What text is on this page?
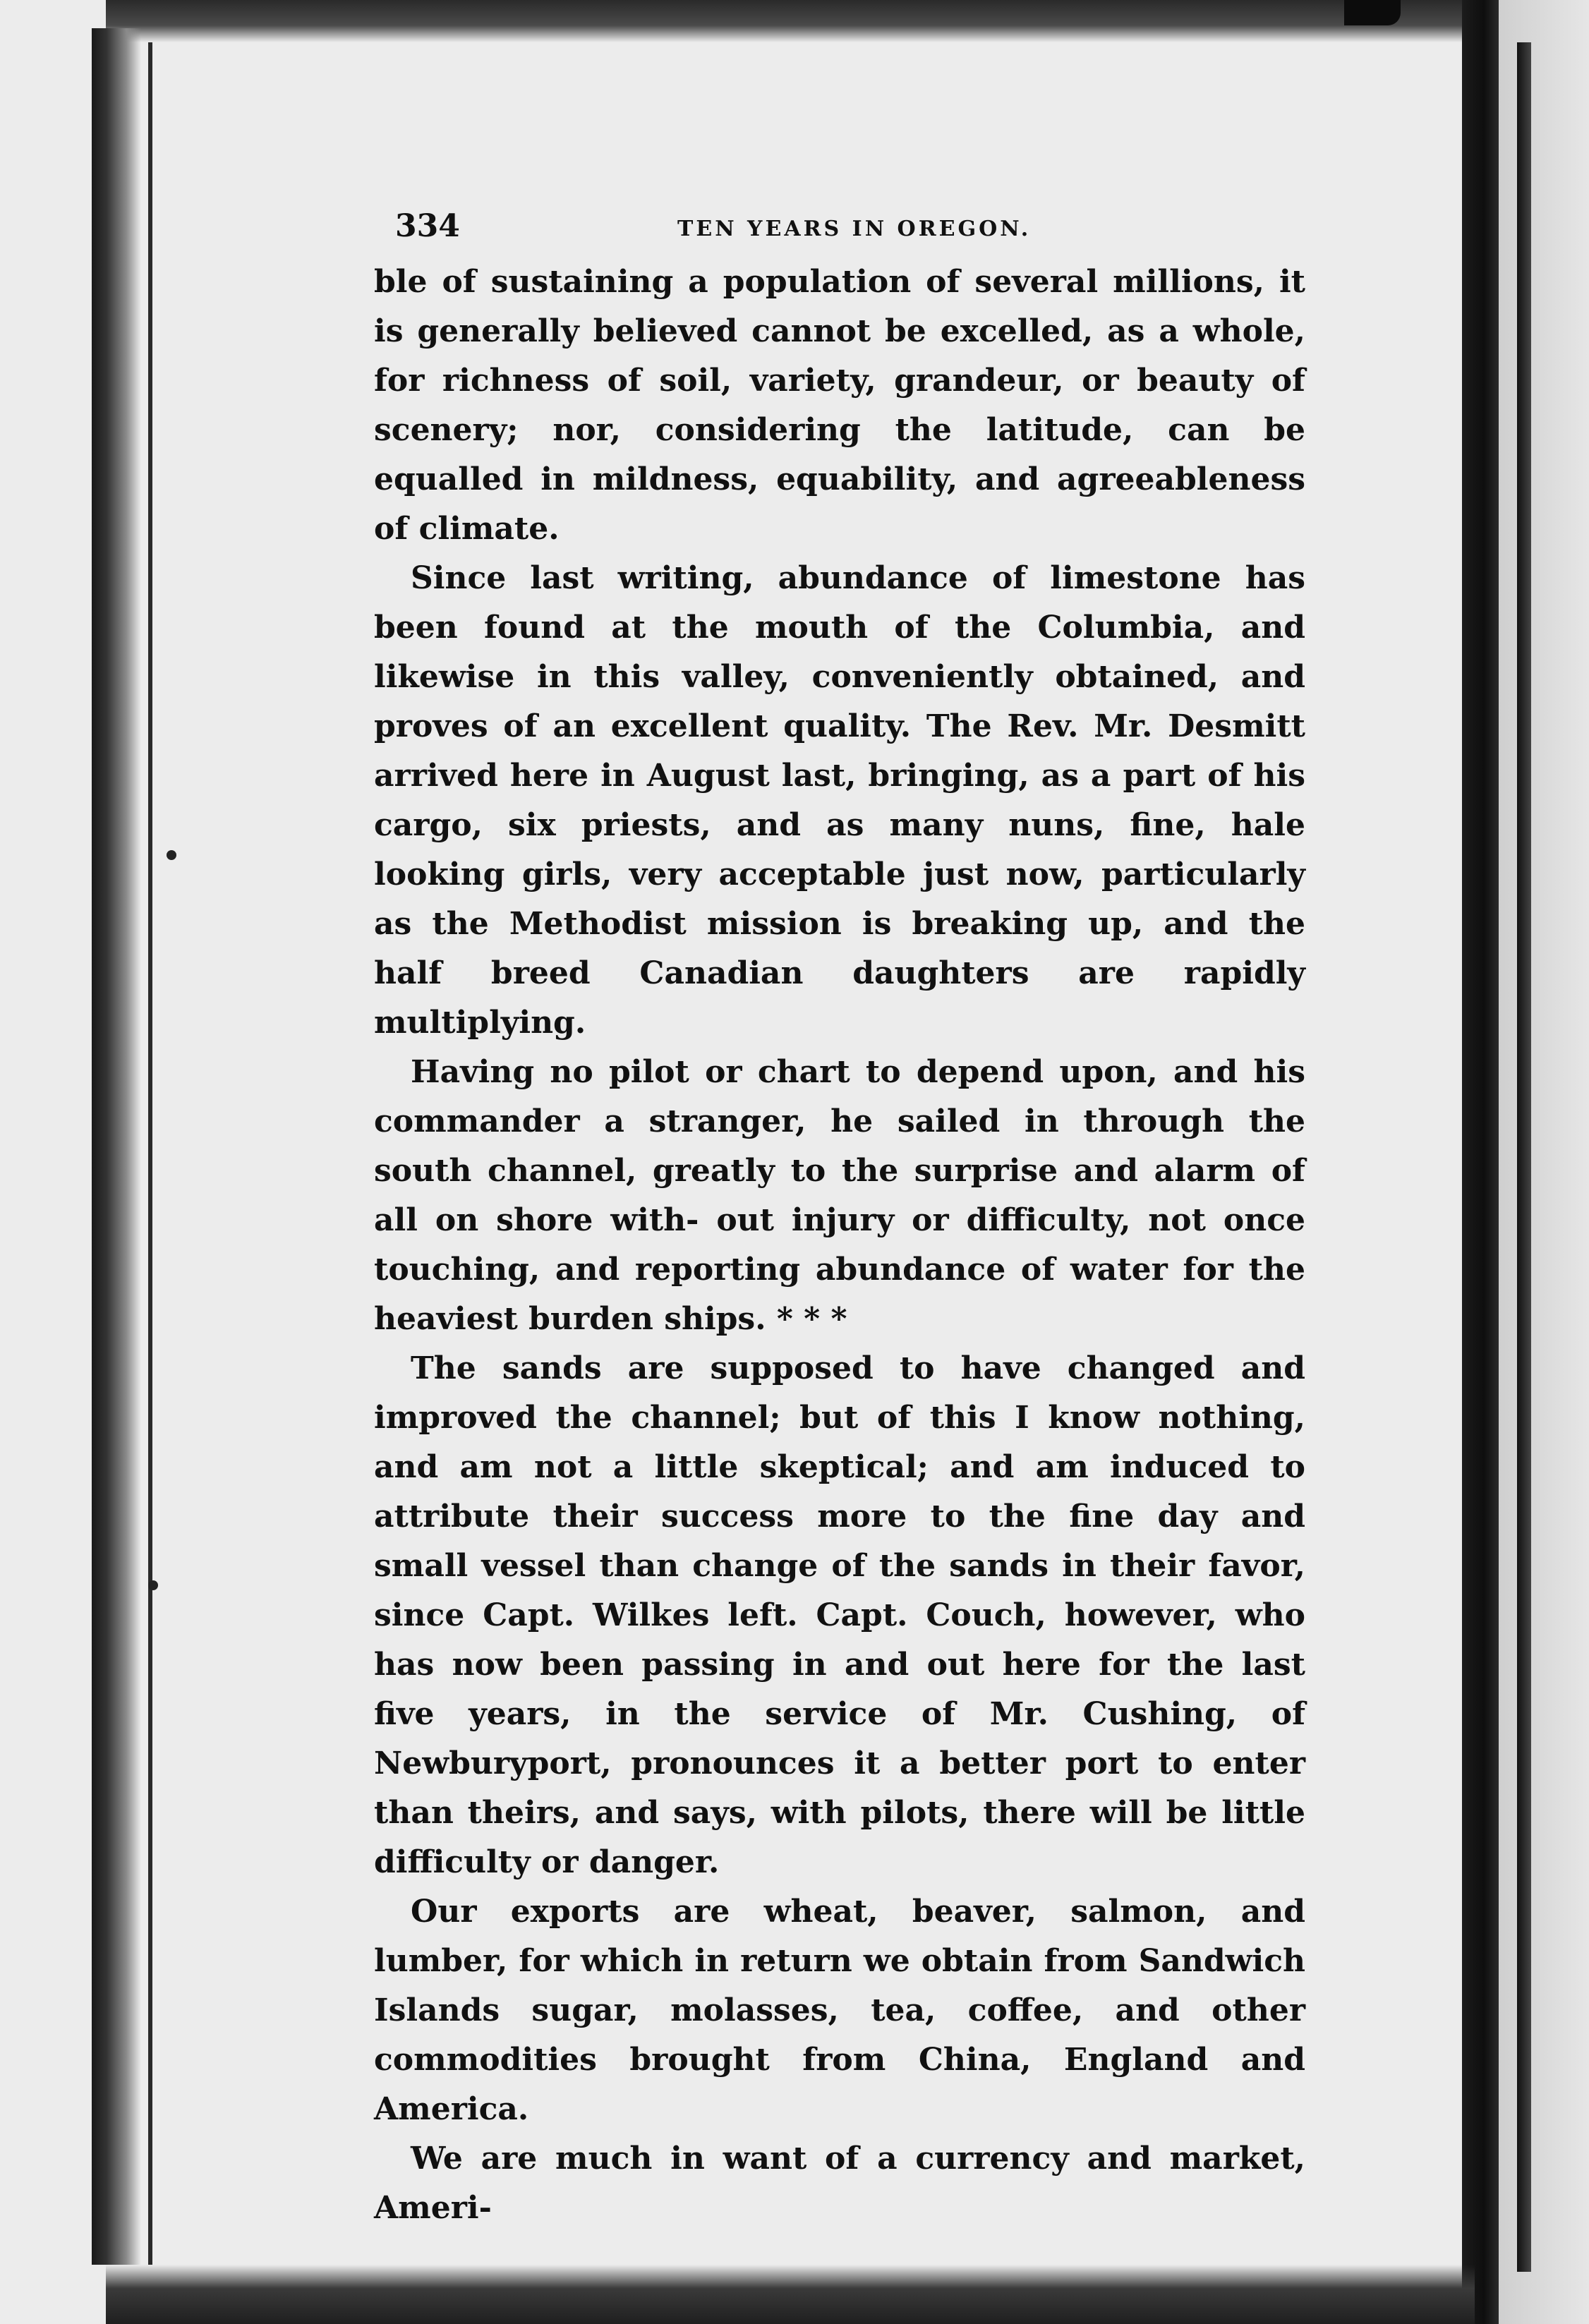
334	TEN YEARS IN OREGON.

ble of sustaining a population of several millions, it is generally believed cannot be excelled, as a whole, for richness of soil, variety, grandeur, or beauty of scenery; nor, considering the latitude, can be equalled in mildness, equability, and agreeableness of climate.

Since last writing, abundance of limestone has been found at the mouth of the Columbia, and likewise in this valley, conveniently obtained, and proves of an excellent quality. The Rev. Mr. Desmitt arrived here in August last, bringing, as a part of his cargo, six priests, and as many nuns, fine, hale looking girls, very acceptable just now, particularly as the Methodist mission is breaking up, and the half breed Canadian daughters are rapidly multiplying.

Having no pilot or chart to depend upon, and his commander a stranger, he sailed in through the south channel, greatly to the surprise and alarm of all on shore with- out injury or difficulty, not once touching, and reporting abundance of water for the heaviest burden ships. * * *

The sands are supposed to have changed and improved the channel; but of this I know nothing, and am not a little skeptical; and am induced to attribute their success more to the fine day and small vessel than change of the sands in their favor, since Capt. Wilkes left. Capt. Couch, however, who has now been passing in and out here for the last five years, in the service of Mr. Cushing, of Newburyport, pronounces it a better port to enter than theirs, and says, with pilots, there will be little difficulty or danger.

Our exports are wheat, beaver, salmon, and lumber, for which in return we obtain from Sandwich Islands sugar, molasses, tea, coffee, and other commodities brought from China, England and America.

We are much in want of a currency and market, Ameri-
